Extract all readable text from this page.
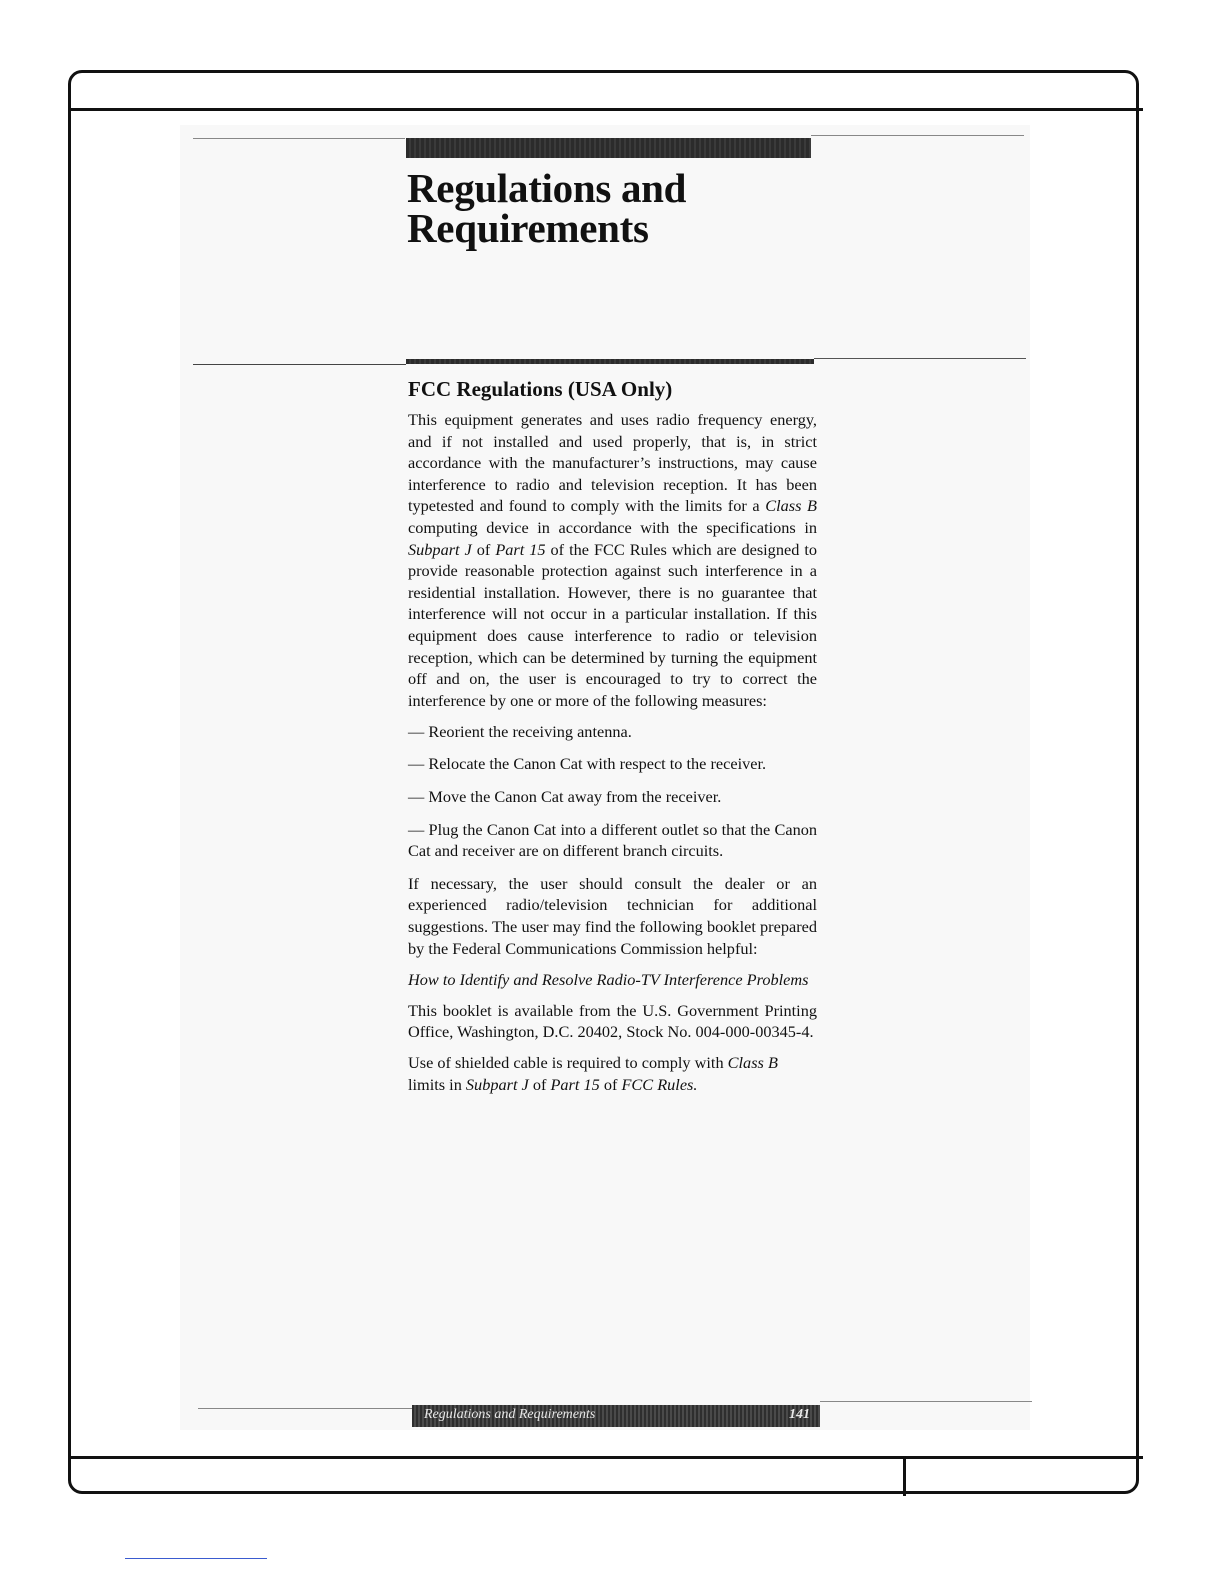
Regulations and
Requirements
FCC Regulations (USA Only)

This equipment generates and uses radio frequency energy, and if not installed and used properly, that is, in strict accordance with the manufacturer’s instructions, may cause interference to radio and television reception. It has been typetested and found to comply with the limits for a Class B computing device in accordance with the specifications in Subpart J of Part 15 of the FCC Rules which are designed to provide reasonable protection against such interference in a residential installation. However, there is no guarantee that interference will not occur in a particular installation. If this equipment does cause interference to radio or television reception, which can be determined by turning the equipment off and on, the user is encouraged to try to correct the interference by one or more of the following measures:

— Reorient the receiving antenna.

— Relocate the Canon Cat with respect to the receiver.

— Move the Canon Cat away from the receiver.

— Plug the Canon Cat into a different outlet so that the Canon Cat and receiver are on different branch circuits.

If necessary, the user should consult the dealer or an experienced radio/television technician for additional suggestions. The user may find the following booklet prepared by the Federal Communications Commission helpful:

How to Identify and Resolve Radio-TV Interference Problems

This booklet is available from the U.S. Government Printing Office, Washington, D.C. 20402, Stock No. 004-000-00345-4.

Use of shielded cable is required to comply with Class B limits in Subpart J of Part 15 of FCC Rules.

Regulations and Requirements	141
